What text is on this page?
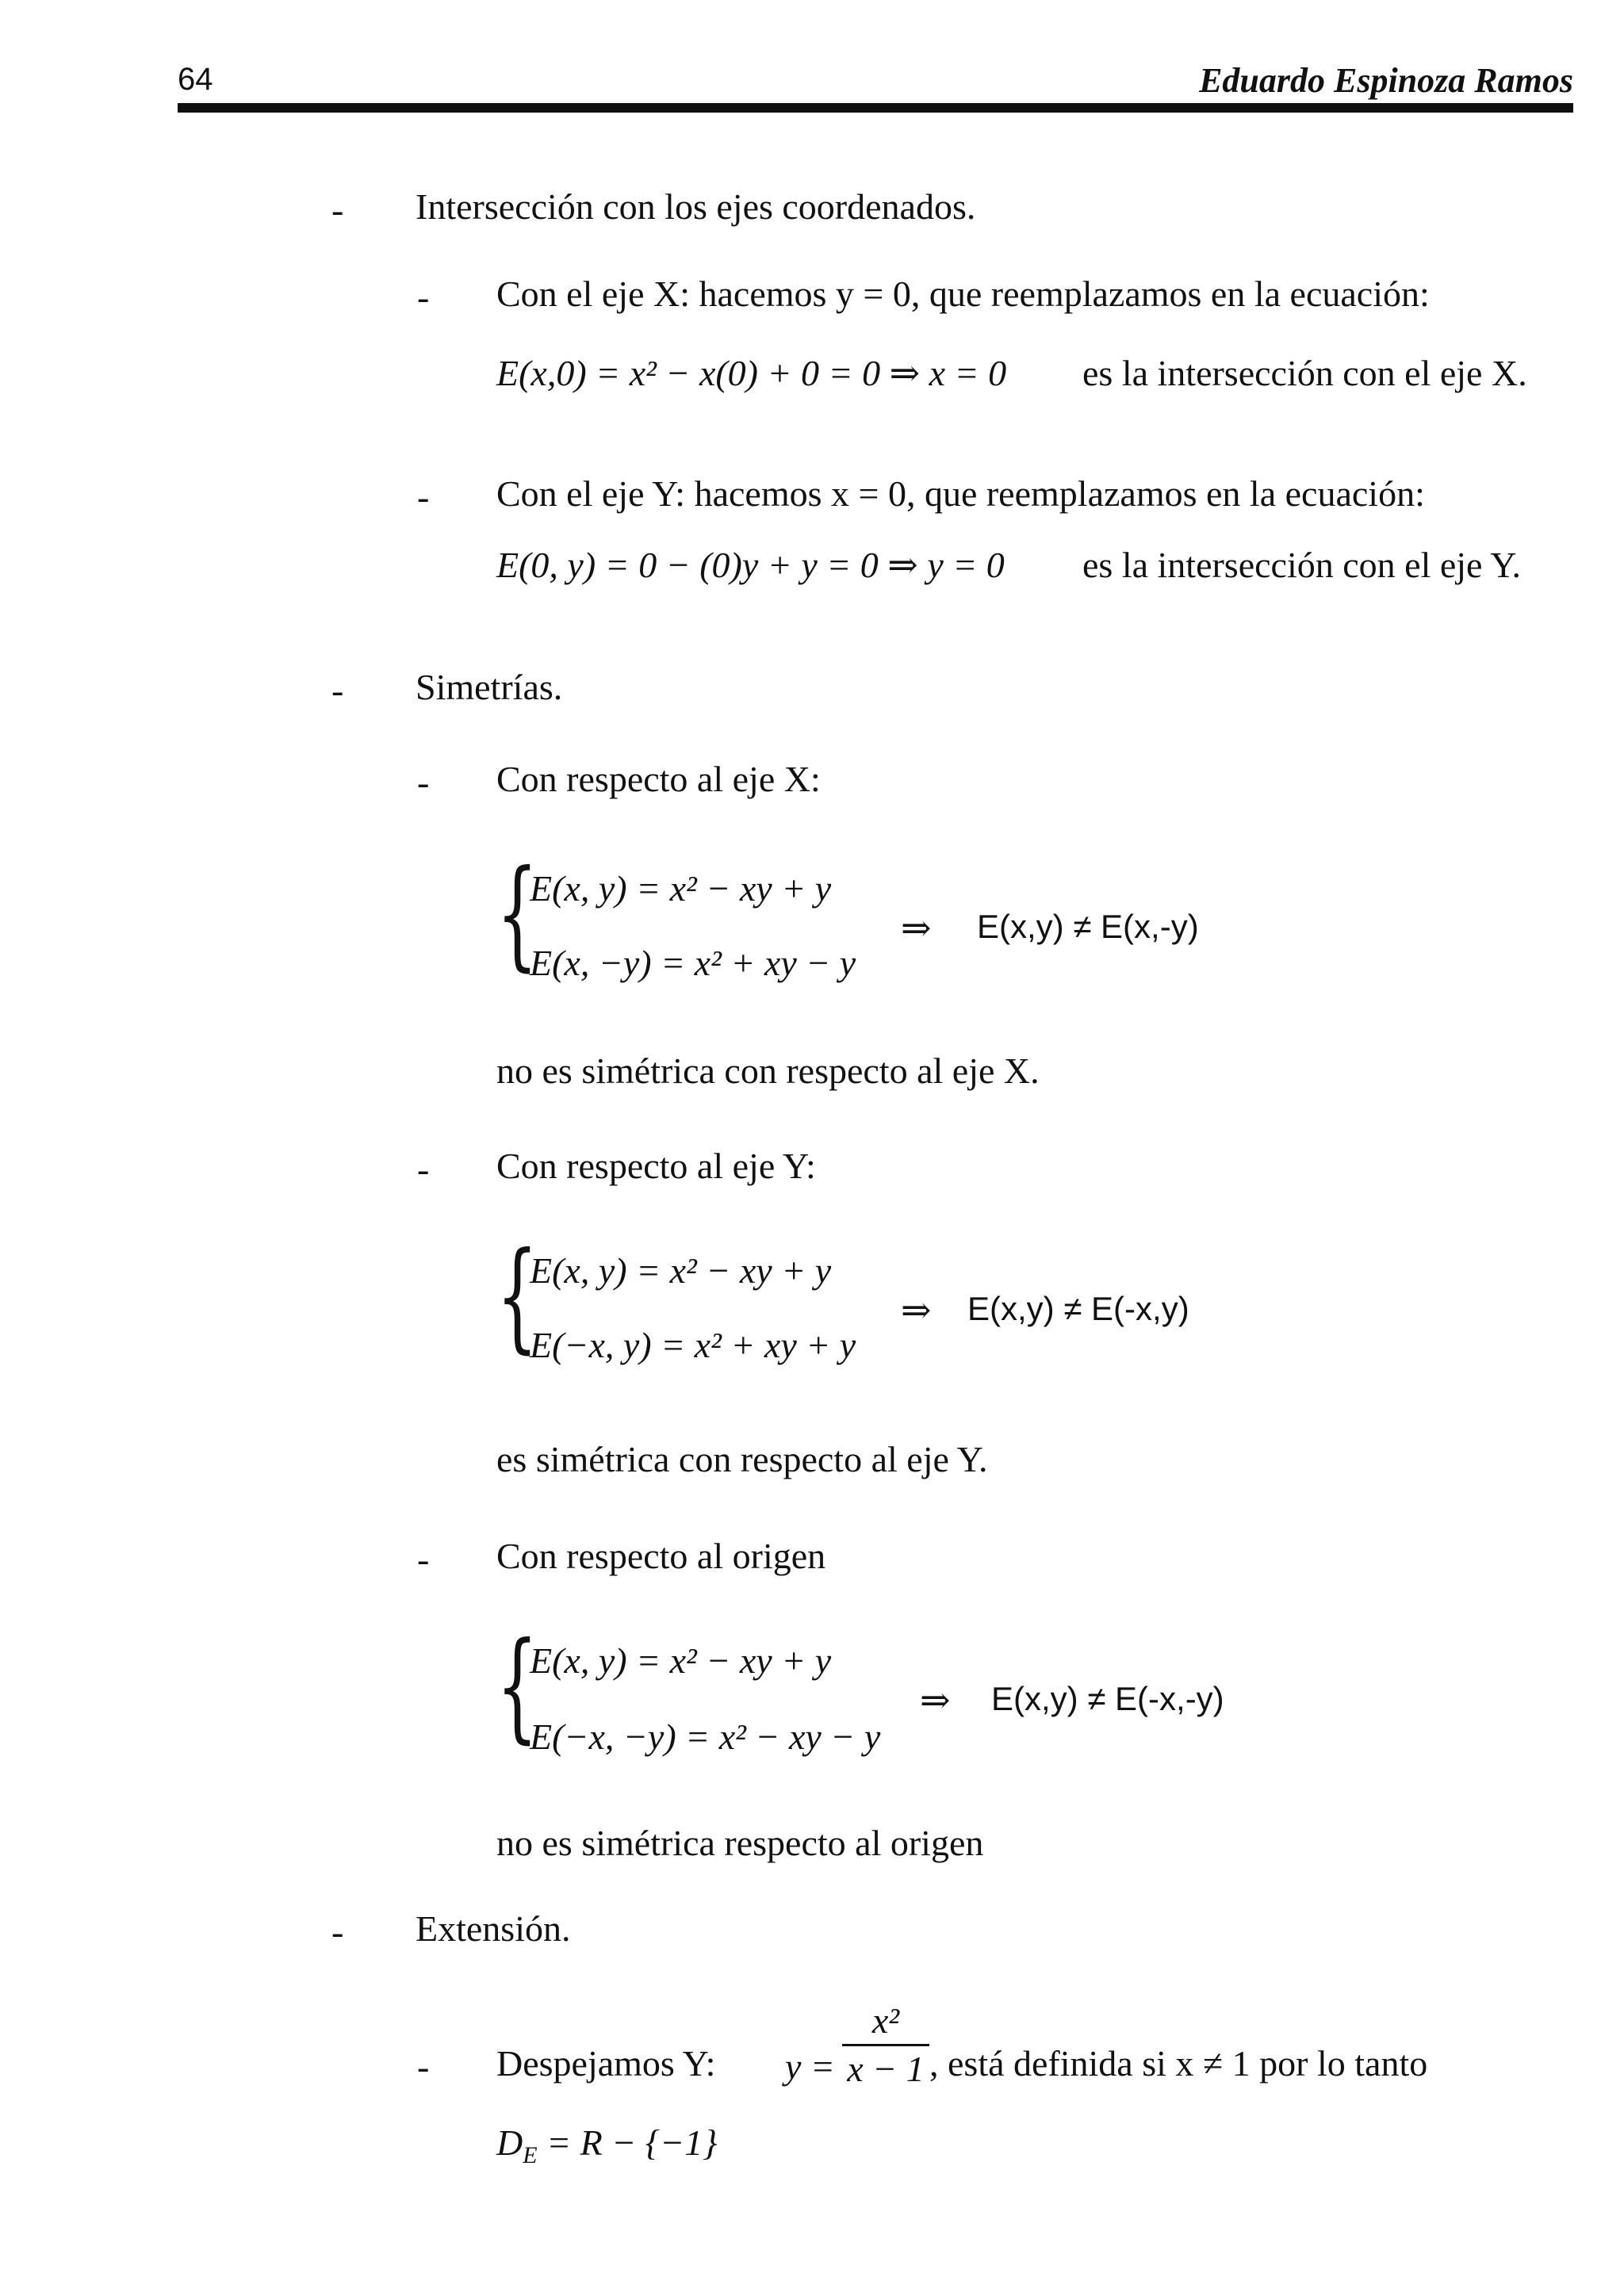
64	Eduardo Espinoza Ramos
- Intersección con los ejes coordenados.
- Con el eje X: hacemos y = 0, que reemplazamos en la ecuación:
E(x,0) = x² − x(0) + 0 = 0 ⇒ x = 0 es la intersección con el eje X.
- Con el eje Y: hacemos x = 0, que reemplazamos en la ecuación:
E(0, y) = 0 − (0)y + y = 0 ⇒ y = 0 es la intersección con el eje Y.
- Simetrías.
- Con respecto al eje X:
{
E(x, y) = x² − xy + y
E(x, −y) = x² + xy − y
⇒ E(x,y) ≠ E(x,-y)
no es simétrica con respecto al eje X.
- Con respecto al eje Y:
{
E(x, y) = x² − xy + y
E(−x, y) = x² + xy + y
⇒ E(x,y) ≠ E(-x,y)
es simétrica con respecto al eje Y.
- Con respecto al origen
{
E(x, y) = x² − xy + y
E(−x, −y) = x² − xy − y
⇒ E(x,y) ≠ E(-x,-y)
no es simétrica respecto al origen
- Extensión.
- Despejamos Y: y =
x²
x − 1 , está definida si x ≠ 1 por lo tanto
$D_E = R - \{-1\}$
